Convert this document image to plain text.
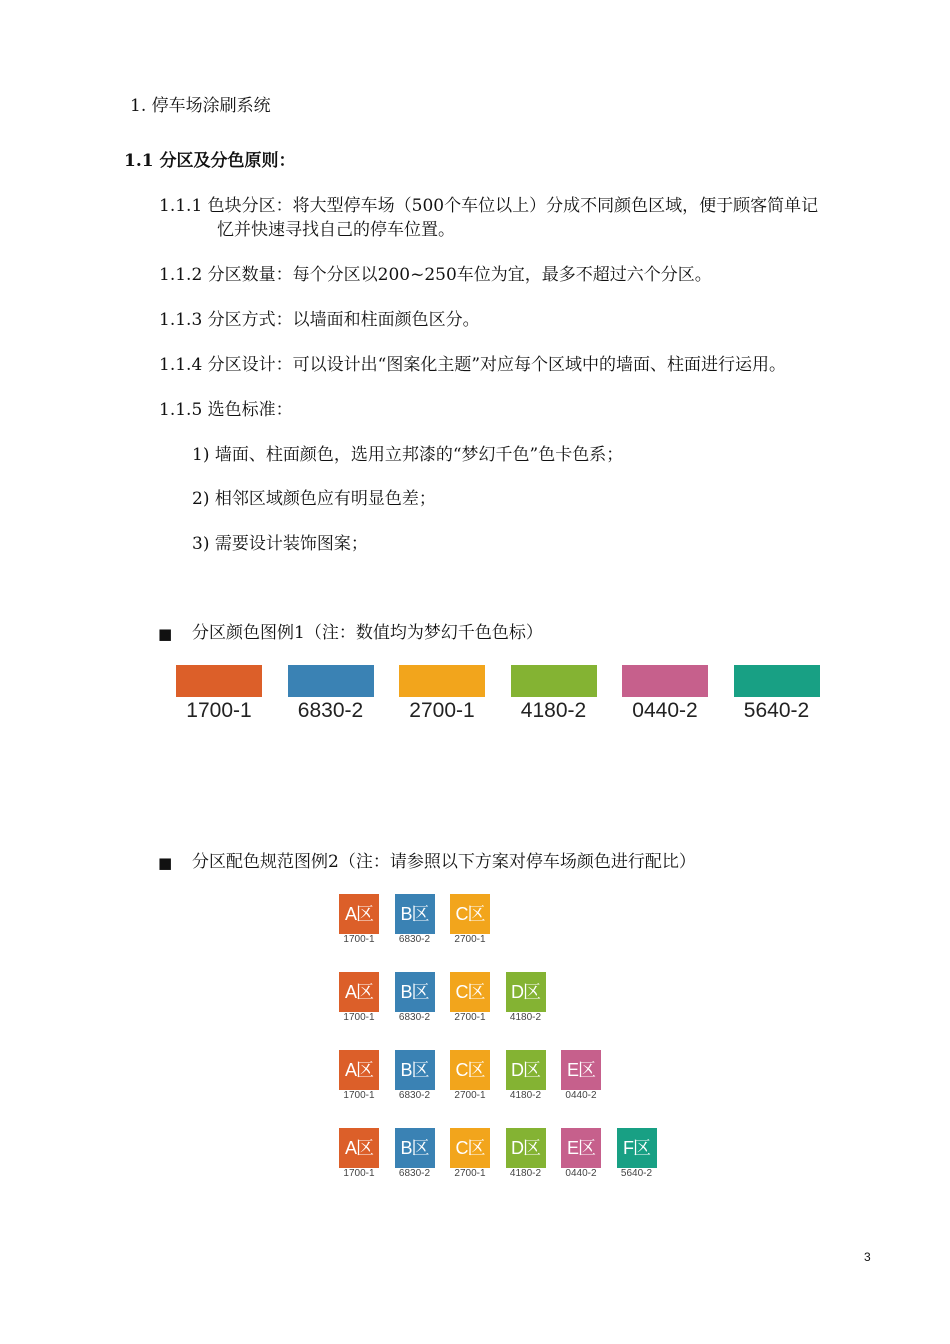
1. 停车场涂刷系统
1.1 分区及分色原则：
1.1.1 色块分区：将大型停车场（500个车位以上）分成不同颜色区域，便于顾客简单记
忆并快速寻找自己的停车位置。
1.1.2 分区数量：每个分区以200~250车位为宜，最多不超过六个分区。
1.1.3 分区方式：以墙面和柱面颜色区分。
1.1.4 分区设计：可以设计出“图案化主题”对应每个区域中的墙面、柱面进行运用。
1.1.5 选色标准：
1) 墙面、柱面颜色，选用立邦漆的“梦幻千色”色卡色系；
2) 相邻区域颜色应有明显色差；
3) 需要设计装饰图案；
■ 分区颜色图例1（注：数值均为梦幻千色色标）
1700-1	6830-2	2700-1	4180-2	0440-2	5640-2
■ 分区配色规范图例2（注：请参照以下方案对停车场颜色进行配比）
A区
1700-1
B区
6830-2
C区
2700-1
A区
1700-1
B区
6830-2
C区
2700-1
D区
4180-2
A区
1700-1
B区
6830-2
C区
2700-1
D区
4180-2
E区
0440-2
A区
1700-1
B区
6830-2
C区
2700-1
D区
4180-2
E区
0440-2
F区
5640-2
3
